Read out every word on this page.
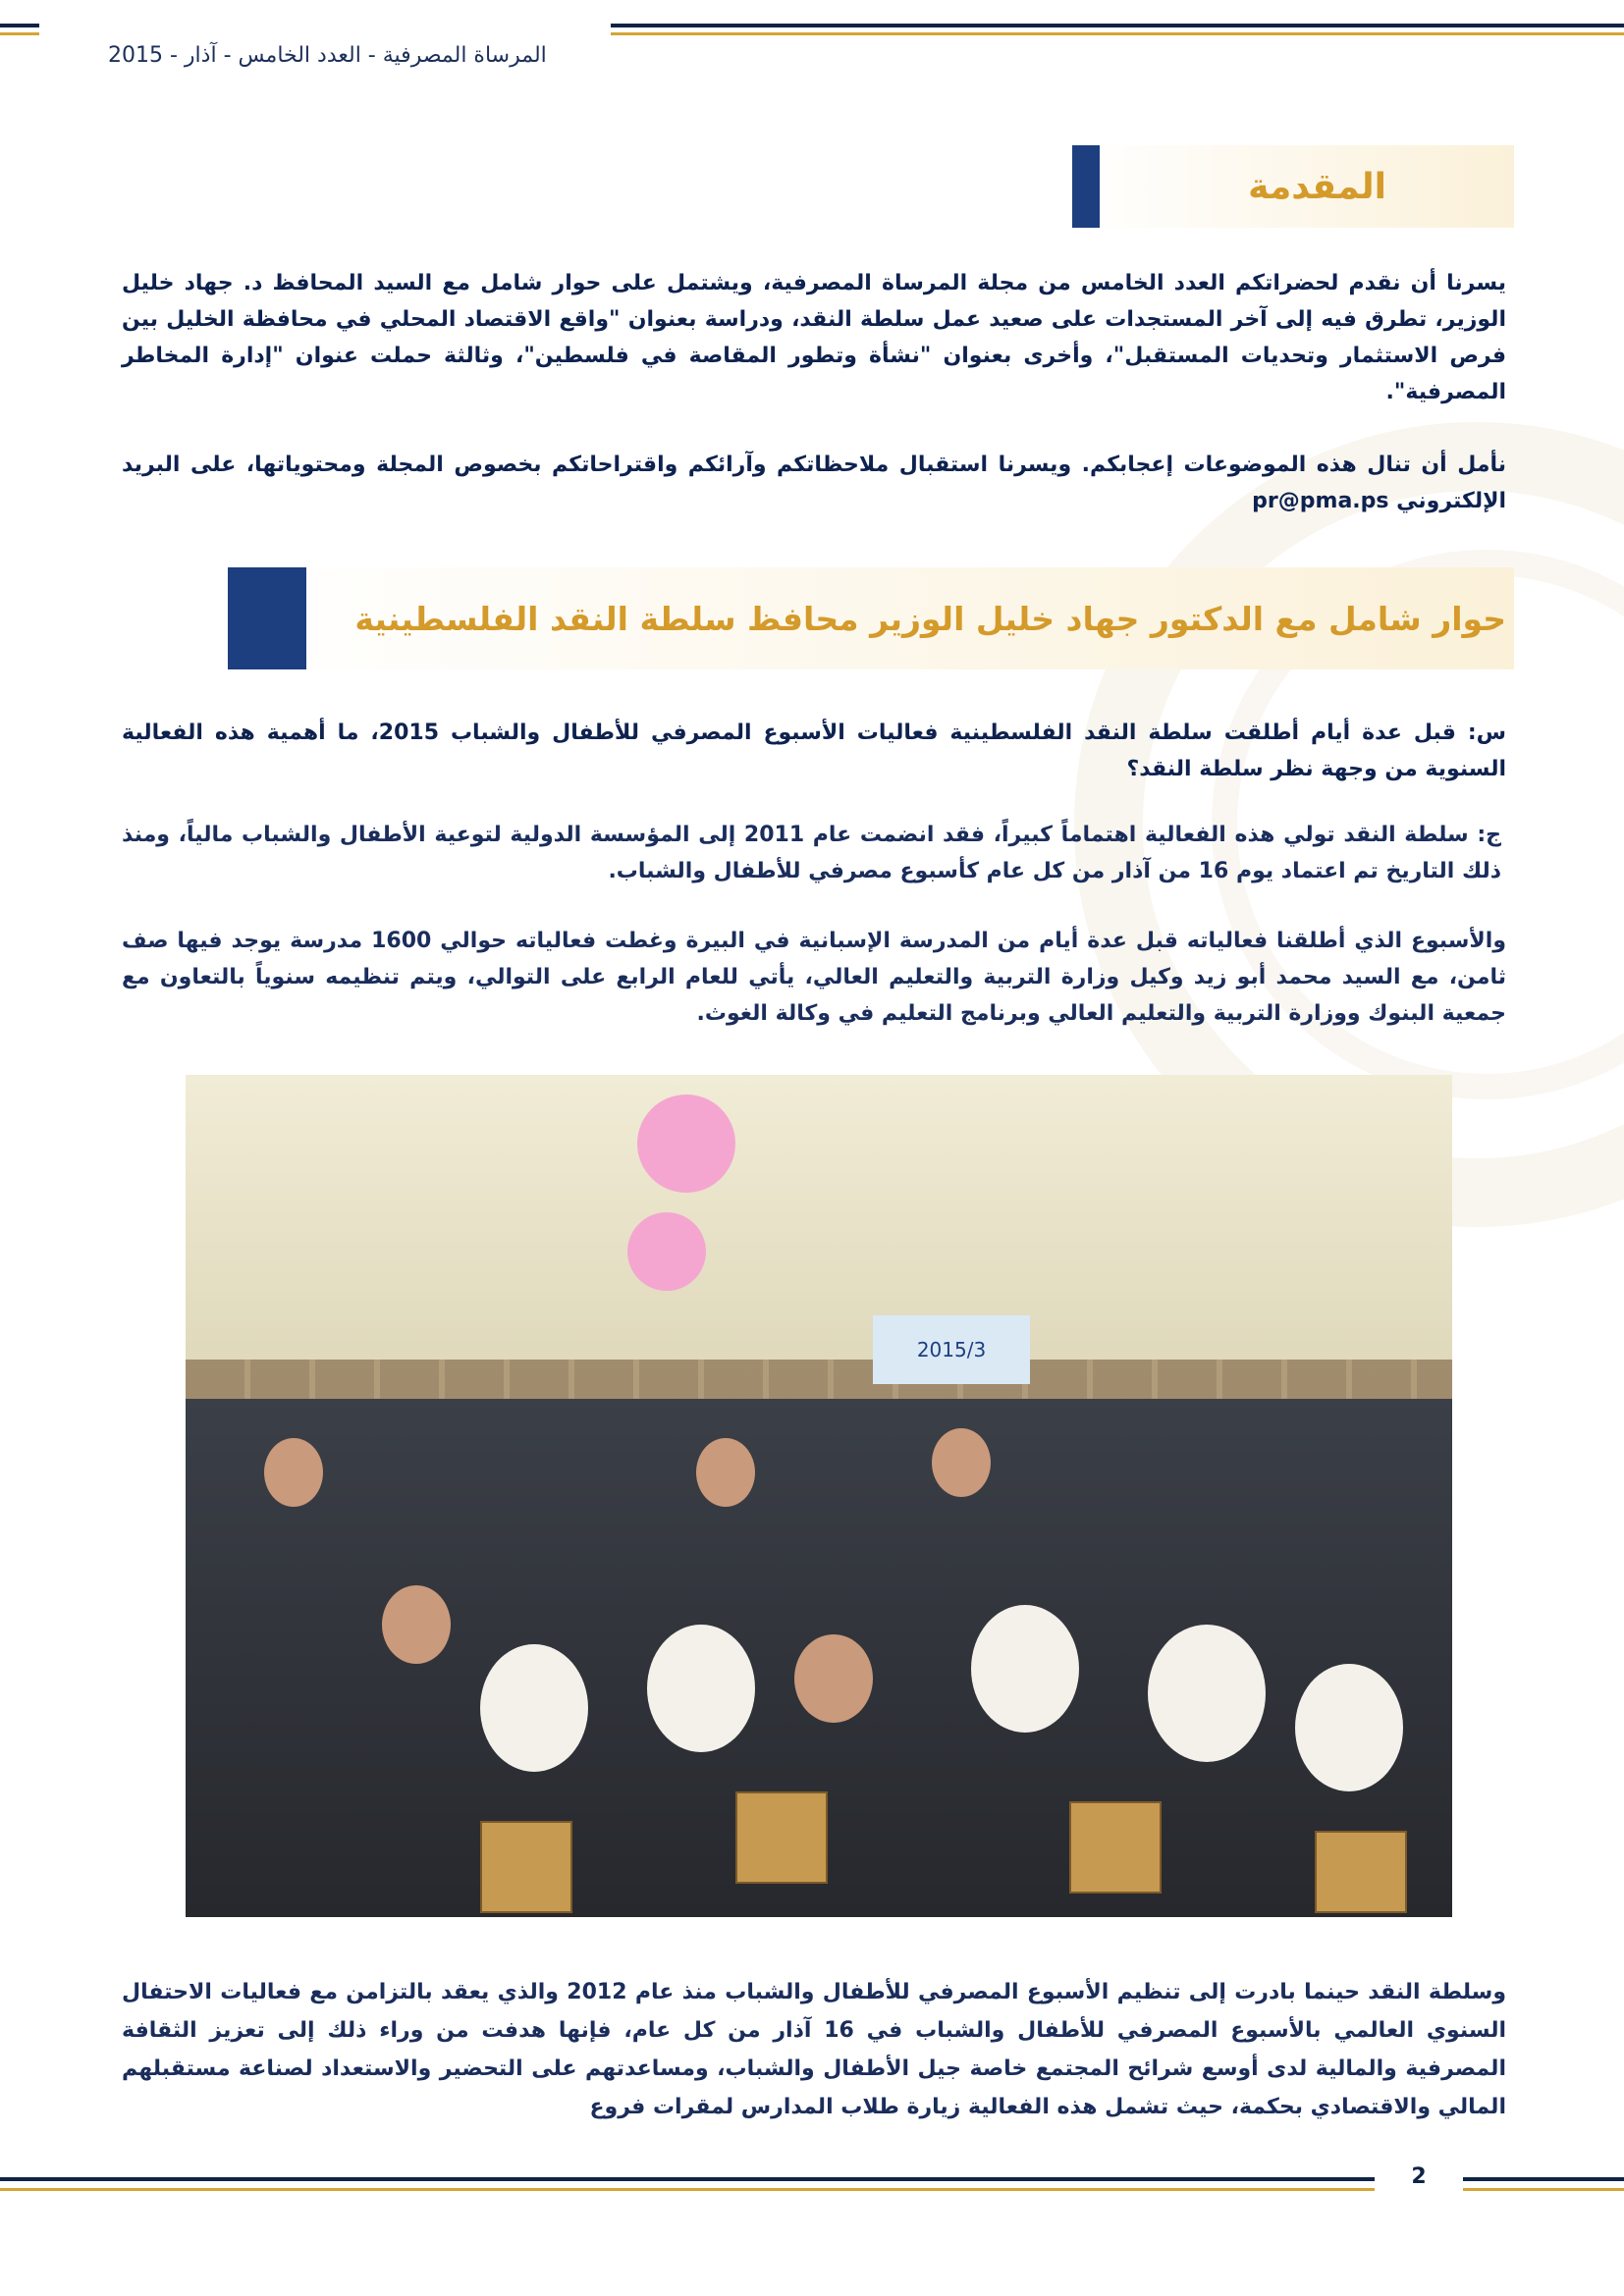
المرساة المصرفية - العدد الخامس - آذار - 2015
المقدمة

يسرنا أن نقدم لحضراتكم العدد الخامس من مجلة المرساة المصرفية، ويشتمل على حوار شامل مع السيد المحافظ د. جهاد خليل الوزير، تطرق فيه إلى آخر المستجدات على صعيد عمل سلطة النقد، ودراسة بعنوان "واقع الاقتصاد المحلي في محافظة الخليل بين فرص الاستثمار وتحديات المستقبل"، وأخرى بعنوان "نشأة وتطور المقاصة في فلسطين"، وثالثة حملت عنوان "إدارة المخاطر المصرفية".

نأمل أن تنال هذه الموضوعات إعجابكم. ويسرنا استقبال ملاحظاتكم وآرائكم واقتراحاتكم بخصوص المجلة ومحتوياتها، على البريد الإلكتروني pr@pma.ps

حوار شامل مع الدكتور جهاد خليل الوزير محافظ سلطة النقد الفلسطينية

س: قبل عدة أيام أطلقت سلطة النقد الفلسطينية فعاليات الأسبوع المصرفي للأطفال والشباب 2015، ما أهمية هذه الفعالية السنوية من وجهة نظر سلطة النقد؟

ج: سلطة النقد تولي هذه الفعالية اهتماماً كبيراً، فقد انضمت عام 2011 إلى المؤسسة الدولية لتوعية الأطفال والشباب مالياً، ومنذ ذلك التاريخ تم اعتماد يوم 16 من آذار من كل عام كأسبوع مصرفي للأطفال والشباب.

والأسبوع الذي أطلقنا فعالياته قبل عدة أيام من المدرسة الإسبانية في البيرة وغطت فعالياته حوالي 1600 مدرسة يوجد فيها صف ثامن، مع السيد محمد أبو زيد وكيل وزارة التربية والتعليم العالي، يأتي للعام الرابع على التوالي، ويتم تنظيمه سنوياً بالتعاون مع جمعية البنوك ووزارة التربية والتعليم العالي وبرنامج التعليم في وكالة الغوث.

2015/3

وسلطة النقد حينما بادرت إلى تنظيم الأسبوع المصرفي للأطفال والشباب منذ عام 2012 والذي يعقد بالتزامن مع فعاليات الاحتفال السنوي العالمي بالأسبوع المصرفي للأطفال والشباب في 16 آذار من كل عام، فإنها هدفت من وراء ذلك إلى تعزيز الثقافة المصرفية والمالية لدى أوسع شرائح المجتمع خاصة جيل الأطفال والشباب، ومساعدتهم على التحضير والاستعداد لصناعة مستقبلهم المالي والاقتصادي بحكمة، حيث تشمل هذه الفعالية زيارة طلاب المدارس لمقرات فروع

2
